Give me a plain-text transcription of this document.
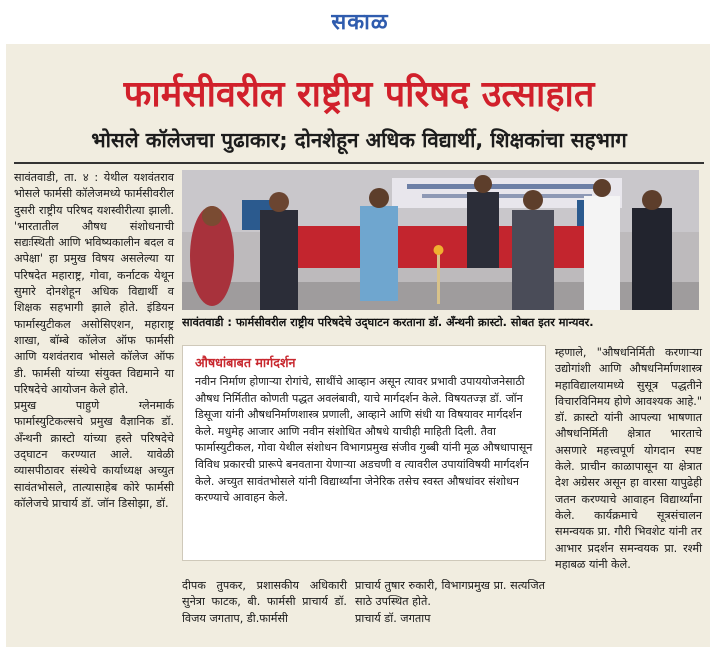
सकाळ
फार्मसीवरील राष्ट्रीय परिषद उत्साहात
भोसले कॉलेजचा पुढाकार; दोनशेहून अधिक विद्यार्थी, शिक्षकांचा सहभाग

सावंतवाडी, ता. ४ : येथील यशवंतराव भोसले फार्मसी कॉलेजमध्ये फार्मसीवरील दुसरी राष्ट्रीय परिषद यशस्वीरीत्या झाली. 'भारतातील औषध संशोधनाची सद्यःस्थिती आणि भविष्यकालीन बदल व अपेक्षा' हा प्रमुख विषय असलेल्या या परिषदेत महाराष्ट्र, गोवा, कर्नाटक येथून सुमारे दोनशेहून अधिक विद्यार्थी व शिक्षक सहभागी झाले होते. इंडियन फार्मास्युटीकल असोसिएशन, महाराष्ट्र शाखा, बॉम्बे कॉलेज ऑफ फार्मसी आणि यशवंतराव भोसले कॉलेज ऑफ डी. फार्मसी यांच्या संयुक्त विद्यमाने या परिषदेचे आयोजन केले होते.
प्रमुख पाहुणे ग्लेनमार्क फार्मास्युटिकल्सचे प्रमुख वैज्ञानिक डॉ. अँन्थनी क्रास्टो यांच्या हस्ते परिषदेचे उद्‍घाटन करण्यात आले. यावेळी व्यासपीठावर संस्थेचे कार्याध्यक्ष अच्युत सावंतभोसले, तात्यासाहेब कोरे फार्मसी कॉलेजचे प्राचार्य डॉ. जॉन डिसोझा, डॉ.

सावंतवाडी : फार्मसीवरील राष्ट्रीय परिषदेचे उद्‍घाटन करताना डॉ. अँन्थनी क्रास्टो. सोबत इतर मान्यवर.
औषधांबाबत मार्गदर्शन

नवीन निर्माण होणाऱ्या रोगांचे, साथींचे आव्हान असून त्यावर प्रभावी उपाययोजनेसाठी औषध निर्मितीत कोणती पद्धत अवलंबावी, याचे मार्गदर्शन केले. विषयतज्ज्ञ डॉ. जॉन डिसूजा यांनी औषधनिर्माणशास्त्र प्रणाली, आव्हाने आणि संधी या विषयावर मार्गदर्शन केले. मधुमेह आजार आणि नवीन संशोधित औषधे याचीही माहिती दिली. तैवा फार्मास्युटीकल, गोवा येथील संशोधन विभागप्रमुख संजीव गुब्बी यांनी मूळ औषधापासून विविध प्रकारची प्रारूपे बनवताना येणाऱ्या अडचणी व त्यावरील उपायांविषयी मार्गदर्शन केले. अच्युत सावंतभोसले यांनी विद्यार्थ्यांना जेनेरिक तसेच स्वस्त औषधांवर संशोधन करण्याचे आवाहन केले.

म्हणाले, "औषधनिर्मिती करणाऱ्या उद्योगांशी आणि औषधनिर्माणशास्त्र महाविद्यालयामध्ये सुसूत्र पद्धतीने विचारविनिमय होणे आवश्यक आहे." डॉ. क्रास्टो यांनी आपल्या भाषणात औषधनिर्मिती क्षेत्रात भारताचे असणारे महत्त्वपूर्ण योगदान स्पष्ट केले. प्राचीन काळापासून या क्षेत्रात देश अग्रेसर असून हा वारसा यापुढेही जतन करण्याचे आवाहन विद्यार्थ्यांना केले. कार्यक्रमाचे सूत्रसंचालन समन्वयक प्रा. गौरी भिवशेट यांनी तर आभार प्रदर्शन समन्वयक प्रा. रश्मी महाबळ यांनी केले.

दीपक तुपकर, प्रशासकीय अधिकारी सुनेत्रा फाटक, बी. फार्मसी प्राचार्य डॉ. विजय जगताप, डी.फार्मसी

प्राचार्य तुषार रुकारी, विभागप्रमुख प्रा. सत्यजित साठे उपस्थित होते.
प्राचार्य डॉ. जगताप
